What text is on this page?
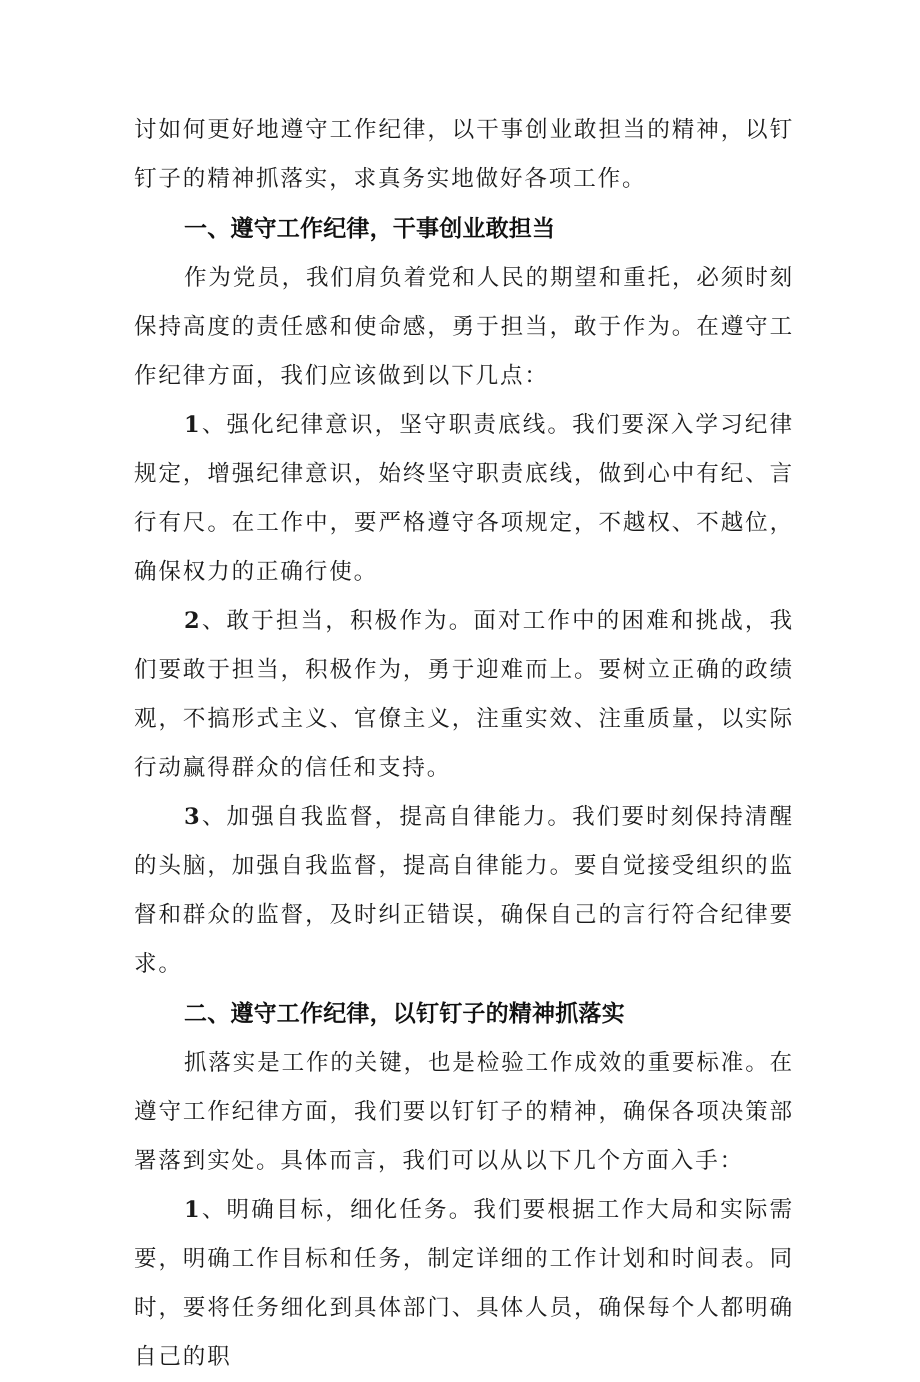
讨如何更好地遵守工作纪律，以干事创业敢担当的精神，以钉钉子的精神抓落实，求真务实地做好各项工作。

一、遵守工作纪律，干事创业敢担当

作为党员，我们肩负着党和人民的期望和重托，必须时刻保持高度的责任感和使命感，勇于担当，敢于作为。在遵守工作纪律方面，我们应该做到以下几点：

1、强化纪律意识，坚守职责底线。我们要深入学习纪律规定，增强纪律意识，始终坚守职责底线，做到心中有纪、言行有尺。在工作中，要严格遵守各项规定，不越权、不越位，确保权力的正确行使。

2、敢于担当，积极作为。面对工作中的困难和挑战，我们要敢于担当，积极作为，勇于迎难而上。要树立正确的政绩观，不搞形式主义、官僚主义，注重实效、注重质量，以实际行动赢得群众的信任和支持。

3、加强自我监督，提高自律能力。我们要时刻保持清醒的头脑，加强自我监督，提高自律能力。要自觉接受组织的监督和群众的监督，及时纠正错误，确保自己的言行符合纪律要求。

二、遵守工作纪律，以钉钉子的精神抓落实

抓落实是工作的关键，也是检验工作成效的重要标准。在遵守工作纪律方面，我们要以钉钉子的精神，确保各项决策部署落到实处。具体而言，我们可以从以下几个方面入手：

1、明确目标，细化任务。我们要根据工作大局和实际需要，明确工作目标和任务，制定详细的工作计划和时间表。同时，要将任务细化到具体部门、具体人员，确保每个人都明确自己的职
